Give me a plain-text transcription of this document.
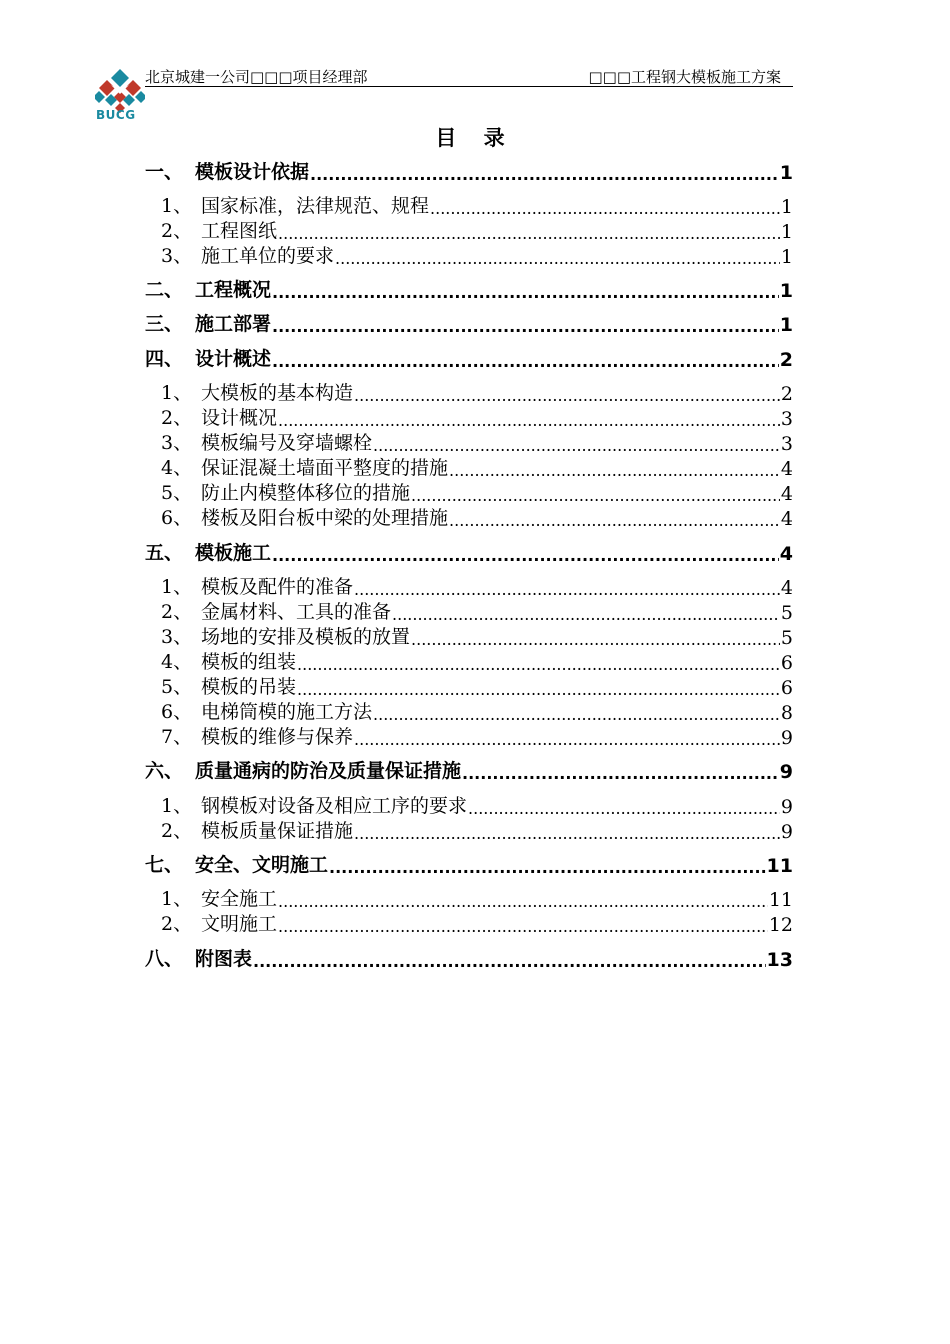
BUCG
北京城建一公司□□□项目经理部	□□□工程钢大模板施工方案
目 录
一、 模板设计依据 .....	1
1、 国家标准，法律规范、规程 .....	1
2、 工程图纸 .....	1
3、 施工单位的要求 .....	1
二、 工程概况 .....	1
三、 施工部署 .....	1
四、 设计概述 .....	2
1、 大模板的基本构造 .....	2
2、 设计概况 .....	3
3、 模板编号及穿墙螺栓 .....	3
4、 保证混凝土墙面平整度的措施 .....	4
5、 防止内模整体移位的措施 .....	4
6、 楼板及阳台板中梁的处理措施 .....	4
五、 模板施工 .....	4
1、 模板及配件的准备 .....	4
2、 金属材料、工具的准备 .....	5
3、 场地的安排及模板的放置 .....	5
4、 模板的组装 .....	6
5、 模板的吊装 .....	6
6、 电梯筒模的施工方法 .....	8
7、 模板的维修与保养 .....	9
六、 质量通病的防治及质量保证措施 .....	9
1、 钢模板对设备及相应工序的要求 .....	9
2、 模板质量保证措施 .....	9
七、 安全、文明施工 .....	11
1、 安全施工 .....	11
2、 文明施工 .....	12
八、 附图表 .....	13
